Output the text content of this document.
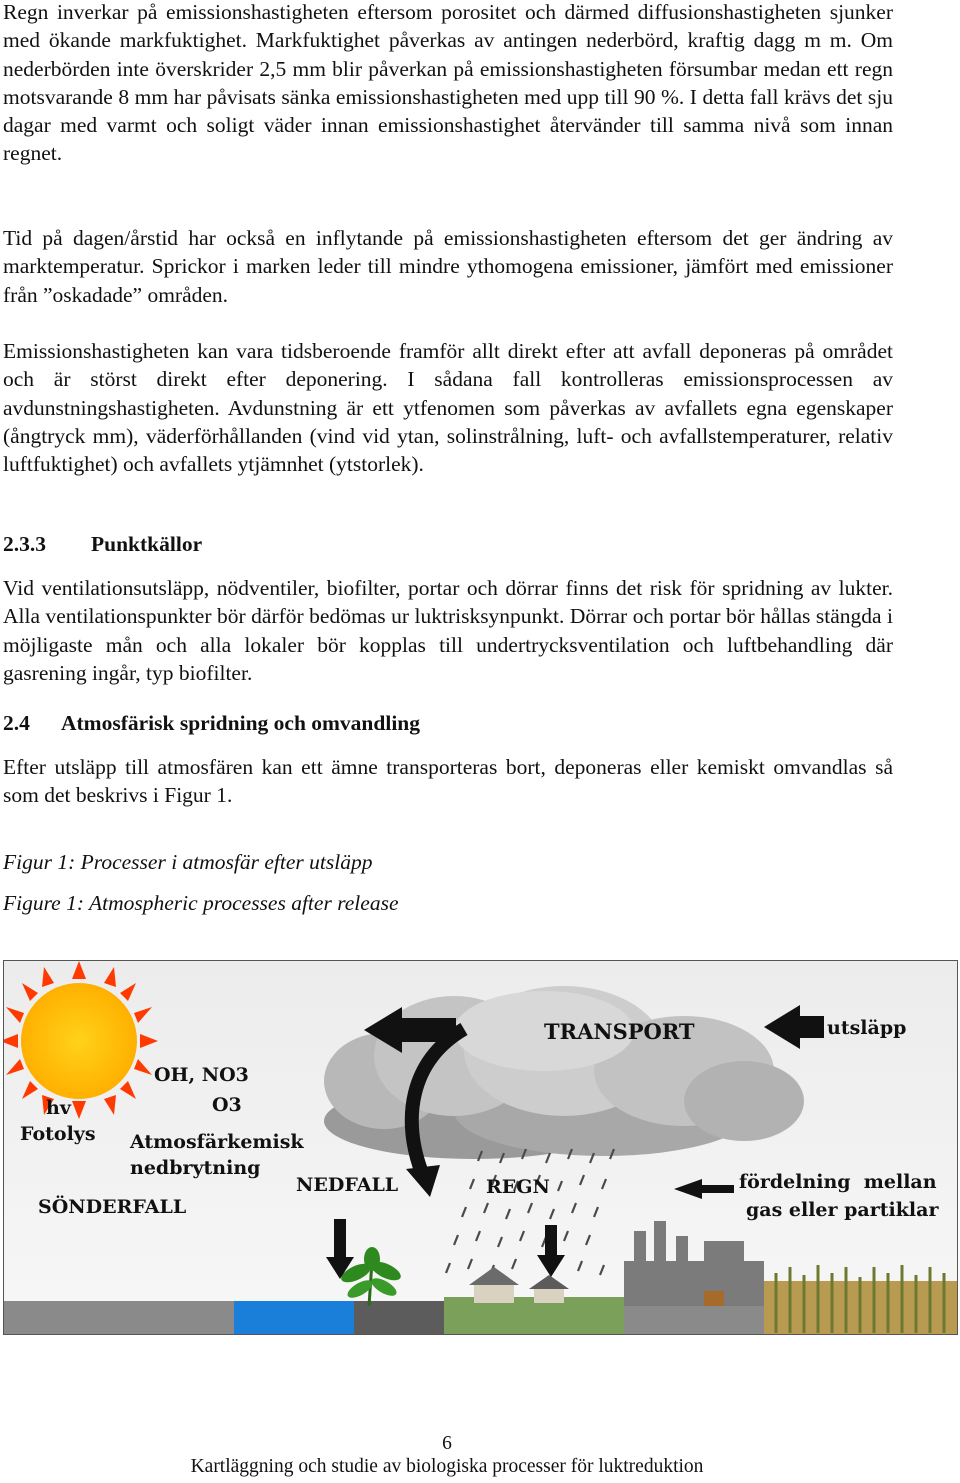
Regn inverkar på emissionshastigheten eftersom porositet och därmed diffusionshastigheten sjunker med ökande markfuktighet. Markfuktighet påverkas av antingen nederbörd, kraftig dagg m m. Om nederbörden inte överskrider 2,5 mm blir påverkan på emissionshastigheten försumbar medan ett regn motsvarande 8 mm har påvisats sänka emissionshastigheten med upp till 90 %. I detta fall krävs det sju dagar med varmt och soligt väder innan emissionshastighet återvänder till samma nivå som innan regnet.

Tid på dagen/årstid har också en inflytande på emissionshastigheten eftersom det ger ändring av marktemperatur. Sprickor i marken leder till mindre ythomogena emissioner, jämfört med emissioner från ”oskadade” områden.

Emissionshastigheten kan vara tidsberoende framför allt direkt efter att avfall deponeras på området och är störst direkt efter deponering. I sådana fall kontrolleras emissionsprocessen av avdunstningshastigheten. Avdunstning är ett ytfenomen som påverkas av avfallets egna egenskaper (ångtryck mm), väderförhållanden (vind vid ytan, solinstrålning, luft- och avfallstemperaturer, relativ luftfuktighet) och avfallets ytjämnhet (ytstorlek).

2.3.3 Punktkällor

Vid ventilationsutsläpp, nödventiler, biofilter, portar och dörrar finns det risk för spridning av lukter. Alla ventilationspunkter bör därför bedömas ur luktrisksynpunkt. Dörrar och portar bör hållas stängda i möjligaste mån och alla lokaler bör kopplas till undertrycksventilation och luftbehandling där gasrening ingår, typ biofilter.

2.4 Atmosfärisk spridning och omvandling

Efter utsläpp till atmosfären kan ett ämne transporteras bort, deponeras eller kemiskt omvandlas så som det beskrivs i Figur 1.

Figur 1: Processer i atmosfär efter utsläpp

Figure 1: Atmospheric processes after release

TRANSPORT	utsläpp
OH, NO3
O3
hv
Fotolys Atmosfärkemisk
nedbrytning
SÖNDERFALL
NEDFALL	REGN	fördelning  mellan
gas eller partiklar

6

Kartläggning och studie av biologiska processer för luktreduktion
